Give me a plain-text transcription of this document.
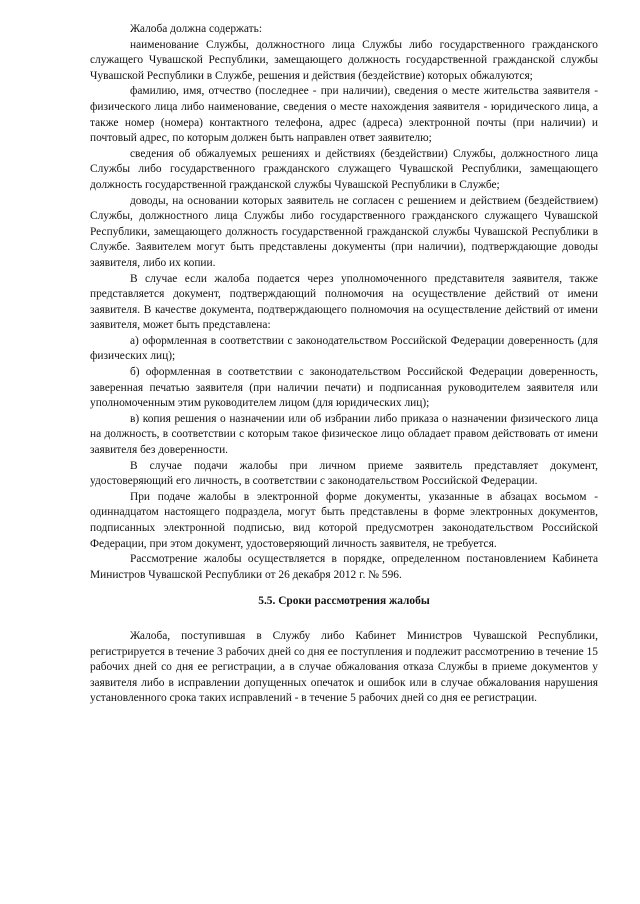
Жалоба должна содержать:

наименование Службы, должностного лица Службы либо государственного гражданского служащего Чувашской Республики, замещающего должность государственной гражданской службы Чувашской Республики в Службе, решения и действия (бездействие) которых обжалуются;

фамилию, имя, отчество (последнее - при наличии), сведения о месте жительства заявителя - физического лица либо наименование, сведения о месте нахождения заявителя - юридического лица, а также номер (номера) контактного телефона, адрес (адреса) электронной почты (при наличии) и почтовый адрес, по которым должен быть направлен ответ заявителю;

сведения об обжалуемых решениях и действиях (бездействии) Службы, должностного лица Службы либо государственного гражданского служащего Чувашской Республики, замещающего должность государственной гражданской службы Чувашской Республики в Службе;

доводы, на основании которых заявитель не согласен с решением и действием (бездействием) Службы, должностного лица Службы либо государственного гражданского служащего Чувашской Республики, замещающего должность государственной гражданской службы Чувашской Республики в Службе. Заявителем могут быть представлены документы (при наличии), подтверждающие доводы заявителя, либо их копии.

В случае если жалоба подается через уполномоченного представителя заявителя, также представляется документ, подтверждающий полномочия на осуществление действий от имени заявителя. В качестве документа, подтверждающего полномочия на осуществление действий от имени заявителя, может быть представлена:

а) оформленная в соответствии с законодательством Российской Федерации доверенность (для физических лиц);

б) оформленная в соответствии с законодательством Российской Федерации доверенность, заверенная печатью заявителя (при наличии печати) и подписанная руководителем заявителя или уполномоченным этим руководителем лицом (для юридических лиц);

в) копия решения о назначении или об избрании либо приказа о назначении физического лица на должность, в соответствии с которым такое физическое лицо обладает правом действовать от имени заявителя без доверенности.

В случае подачи жалобы при личном приеме заявитель представляет документ, удостоверяющий его личность, в соответствии с законодательством Российской Федерации.

При подаче жалобы в электронной форме документы, указанные в абзацах восьмом - одиннадцатом настоящего подраздела, могут быть представлены в форме электронных документов, подписанных электронной подписью, вид которой предусмотрен законодательством Российской Федерации, при этом документ, удостоверяющий личность заявителя, не требуется.

Рассмотрение жалобы осуществляется в порядке, определенном постановлением Кабинета Министров Чувашской Республики от 26 декабря 2012 г. № 596.

5.5. Сроки рассмотрения жалобы

Жалоба, поступившая в Службу либо Кабинет Министров Чувашской Республики, регистрируется в течение 3 рабочих дней со дня ее поступления и подлежит рассмотрению в течение 15 рабочих дней со дня ее регистрации, а в случае обжалования отказа Службы в приеме документов у заявителя либо в исправлении допущенных опечаток и ошибок или в случае обжалования нарушения установленного срока таких исправлений - в течение 5 рабочих дней со дня ее регистрации.
